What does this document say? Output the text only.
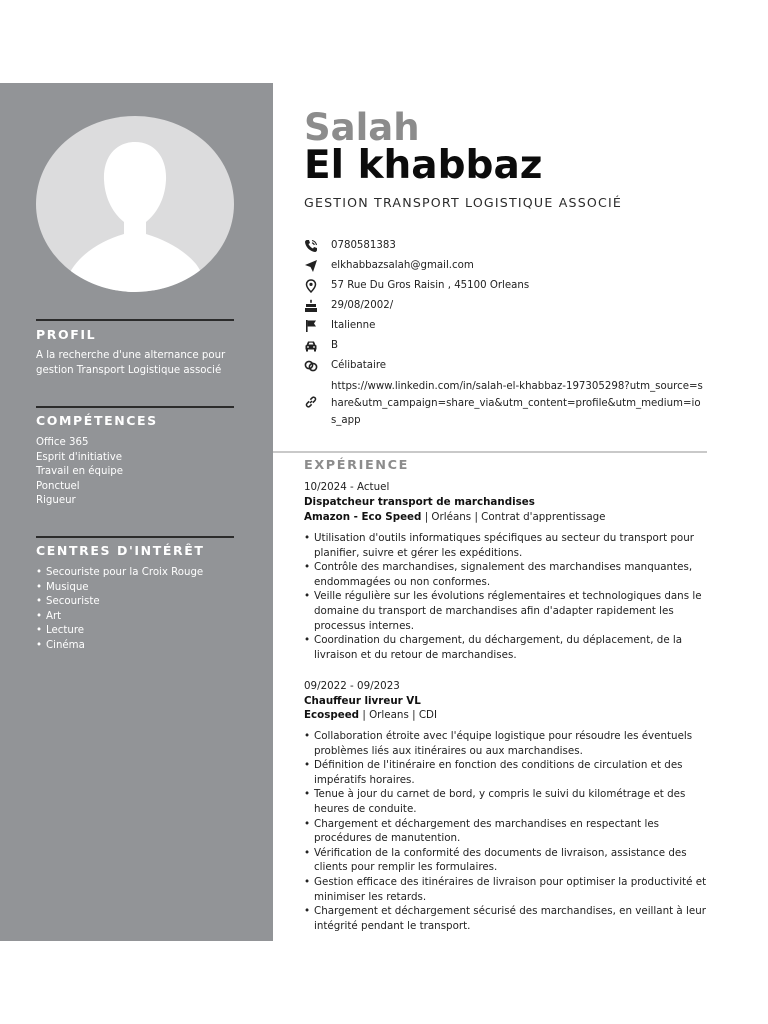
PROFIL

A la recherche d'une alternance pour gestion Transport Logistique associé

COMPÉTENCES
Office 365
Esprit d'initiative
Travail en équipe
Ponctuel
Rigueur
CENTRES D'INTÉRÊT
• Secouriste pour la Croix Rouge
• Musique
• Secouriste
• Art
• Lecture
• Cinéma
Salah
El khabbaz

GESTION TRANSPORT LOGISTIQUE ASSOCIÉ

0780581383
elkhabbazsalah@gmail.com
57 Rue Du Gros Raisin , 45100 Orleans
29/08/2002/
Italienne
B
Célibataire
https://www.linkedin.com/in/salah-el-khabbaz-197305298?utm_source=share&utm_campaign=share_via&utm_content=profile&utm_medium=ios_app
EXPÉRIENCE

10/2024 - Actuel

Dispatcheur transport de marchandises

Amazon - Eco Speed | Orléans | Contrat d'apprentissage

• Utilisation d'outils informatiques spécifiques au secteur du transport pour planifier, suivre et gérer les expéditions.
• Contrôle des marchandises, signalement des marchandises manquantes, endommagées ou non conformes.
• Veille régulière sur les évolutions réglementaires et technologiques dans le domaine du transport de marchandises afin d'adapter rapidement les processus internes.
• Coordination du chargement, du déchargement, du déplacement, de la livraison et du retour de marchandises.

09/2022 - 09/2023

Chauffeur livreur VL

Ecospeed | Orleans | CDI

• Collaboration étroite avec l'équipe logistique pour résoudre les éventuels problèmes liés aux itinéraires ou aux marchandises.
• Définition de l'itinéraire en fonction des conditions de circulation et des impératifs horaires.
• Tenue à jour du carnet de bord, y compris le suivi du kilométrage et des heures de conduite.
• Chargement et déchargement des marchandises en respectant les procédures de manutention.
• Vérification de la conformité des documents de livraison, assistance des clients pour remplir les formulaires.
• Gestion efficace des itinéraires de livraison pour optimiser la productivité et minimiser les retards.
• Chargement et déchargement sécurisé des marchandises, en veillant à leur intégrité pendant le transport.
